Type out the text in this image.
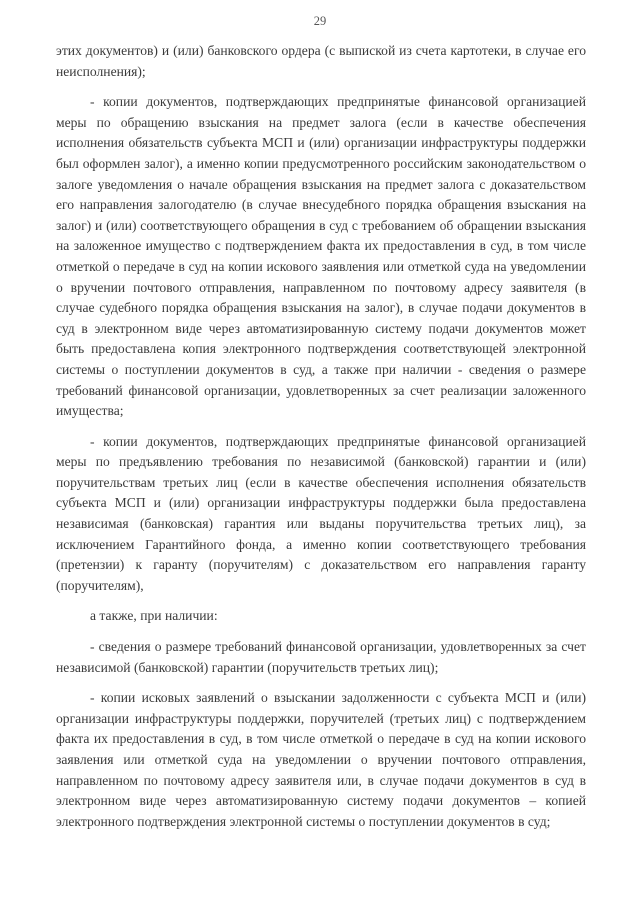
29

этих документов) и (или) банковского ордера (с выпиской из счета картотеки, в случае его неисполнения);

- копии документов, подтверждающих предпринятые финансовой организацией меры по обращению взыскания на предмет залога (если в качестве обеспечения исполнения обязательств субъекта МСП и (или) организации инфраструктуры поддержки был оформлен залог), а именно копии предусмотренного российским законодательством о залоге уведомления о начале обращения взыскания на предмет залога с доказательством его направления залогодателю (в случае внесудебного порядка обращения взыскания на залог) и (или) соответствующего обращения в суд с требованием об обращении взыскания на заложенное имущество с подтверждением факта их предоставления в суд, в том числе отметкой о передаче в суд на копии искового заявления или отметкой суда на уведомлении о вручении почтового отправления, направленном по почтовому адресу заявителя (в случае судебного порядка обращения взыскания на залог), в случае подачи документов в суд в электронном виде через автоматизированную систему подачи документов может быть предоставлена копия электронного подтверждения соответствующей электронной системы о поступлении документов в суд, а также при наличии - сведения о размере требований финансовой организации, удовлетворенных за счет реализации заложенного имущества;

- копии документов, подтверждающих предпринятые финансовой организацией меры по предъявлению требования по независимой (банковской) гарантии и (или) поручительствам третьих лиц (если в качестве обеспечения исполнения обязательств субъекта МСП и (или) организации инфраструктуры поддержки была предоставлена независимая (банковская) гарантия или выданы поручительства третьих лиц), за исключением Гарантийного фонда, а именно копии соответствующего требования (претензии) к гаранту (поручителям) с доказательством его направления гаранту (поручителям),

а также, при наличии:

- сведения о размере требований финансовой организации, удовлетворенных за счет независимой (банковской) гарантии (поручительств третьих лиц);

- копии исковых заявлений о взыскании задолженности с субъекта МСП и (или) организации инфраструктуры поддержки, поручителей (третьих лиц) с подтверждением факта их предоставления в суд, в том числе отметкой о передаче в суд на копии искового заявления или отметкой суда на уведомлении о вручении почтового отправления, направленном по почтовому адресу заявителя или, в случае подачи документов в суд в электронном виде через автоматизированную систему подачи документов – копией электронного подтверждения электронной системы о поступлении документов в суд;
